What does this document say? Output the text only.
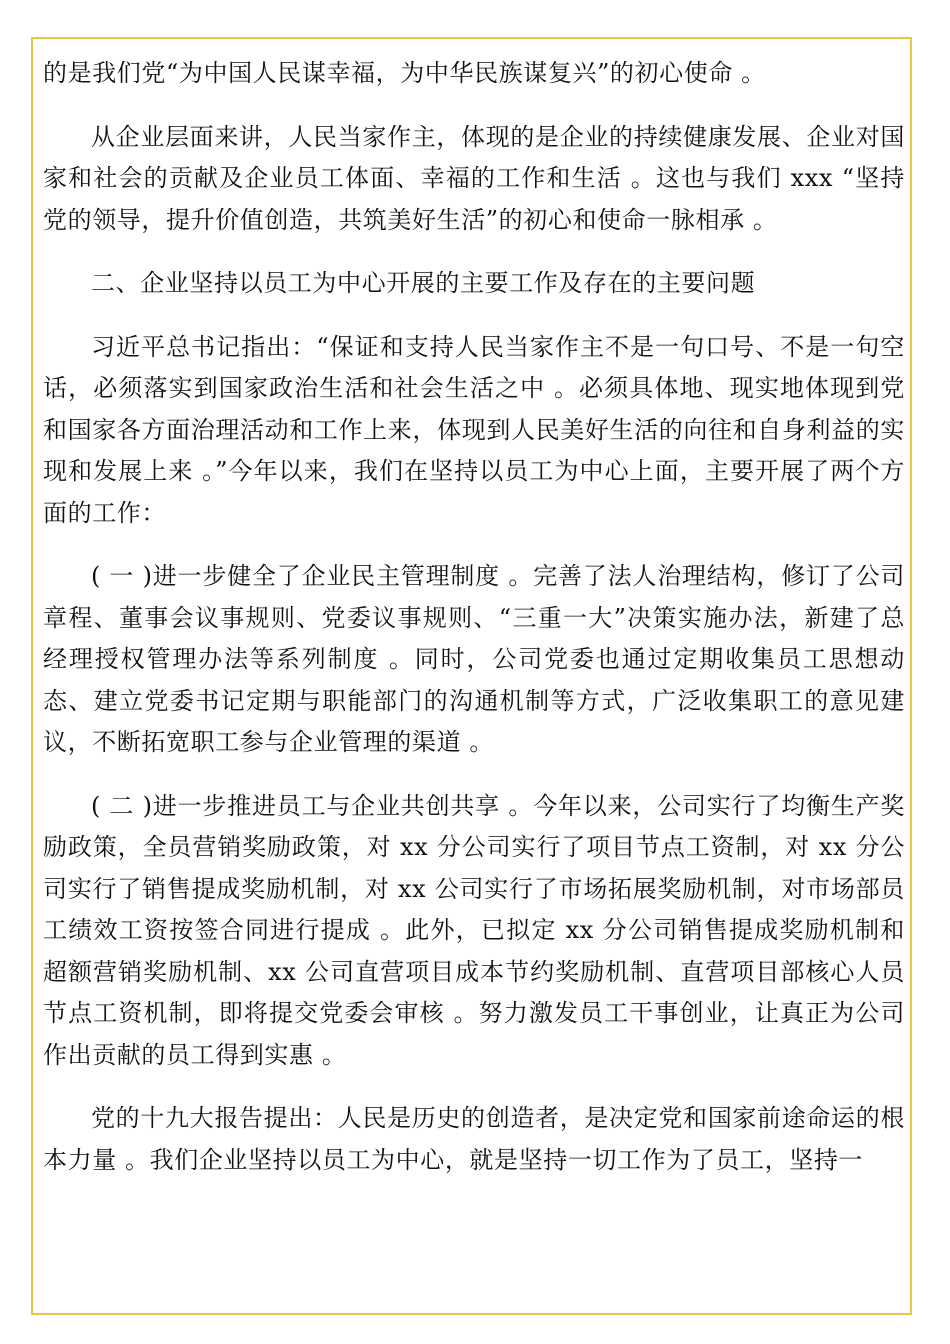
的是我们党“为中国人民谋幸福，为中华民族谋复兴”的初心使命 。

从企业层面来讲，人民当家作主，体现的是企业的持续健康发展、企业对国家和社会的贡献及企业员工体面、幸福的工作和生活 。这也与我们 xxx “坚持党的领导，提升价值创造，共筑美好生活”的初心和使命一脉相承 。

二、企业坚持以员工为中心开展的主要工作及存在的主要问题

习近平总书记指出：“保证和支持人民当家作主不是一句口号、不是一句空话，必须落实到国家政治生活和社会生活之中 。必须具体地、现实地体现到党和国家各方面治理活动和工作上来，体现到人民美好生活的向往和自身利益的实现和发展上来 。”今年以来，我们在坚持以员工为中心上面，主要开展了两个方面的工作：

( 一 )进一步健全了企业民主管理制度 。完善了法人治理结构，修订了公司章程、董事会议事规则、党委议事规则、“三重一大”决策实施办法，新建了总经理授权管理办法等系列制度 。同时，公司党委也通过定期收集员工思想动态、建立党委书记定期与职能部门的沟通机制等方式，广泛收集职工的意见建议，不断拓宽职工参与企业管理的渠道 。

( 二 )进一步推进员工与企业共创共享 。今年以来，公司实行了均衡生产奖励政策，全员营销奖励政策，对 xx 分公司实行了项目节点工资制，对 xx 分公司实行了销售提成奖励机制，对 xx 公司实行了市场拓展奖励机制，对市场部员工绩效工资按签合同进行提成 。此外，已拟定 xx 分公司销售提成奖励机制和超额营销奖励机制、xx 公司直营项目成本节约奖励机制、直营项目部核心人员节点工资机制，即将提交党委会审核 。努力激发员工干事创业，让真正为公司作出贡献的员工得到实惠 。

党的十九大报告提出：人民是历史的创造者，是决定党和国家前途命运的根本力量 。我们企业坚持以员工为中心，就是坚持一切工作为了员工，坚持一
